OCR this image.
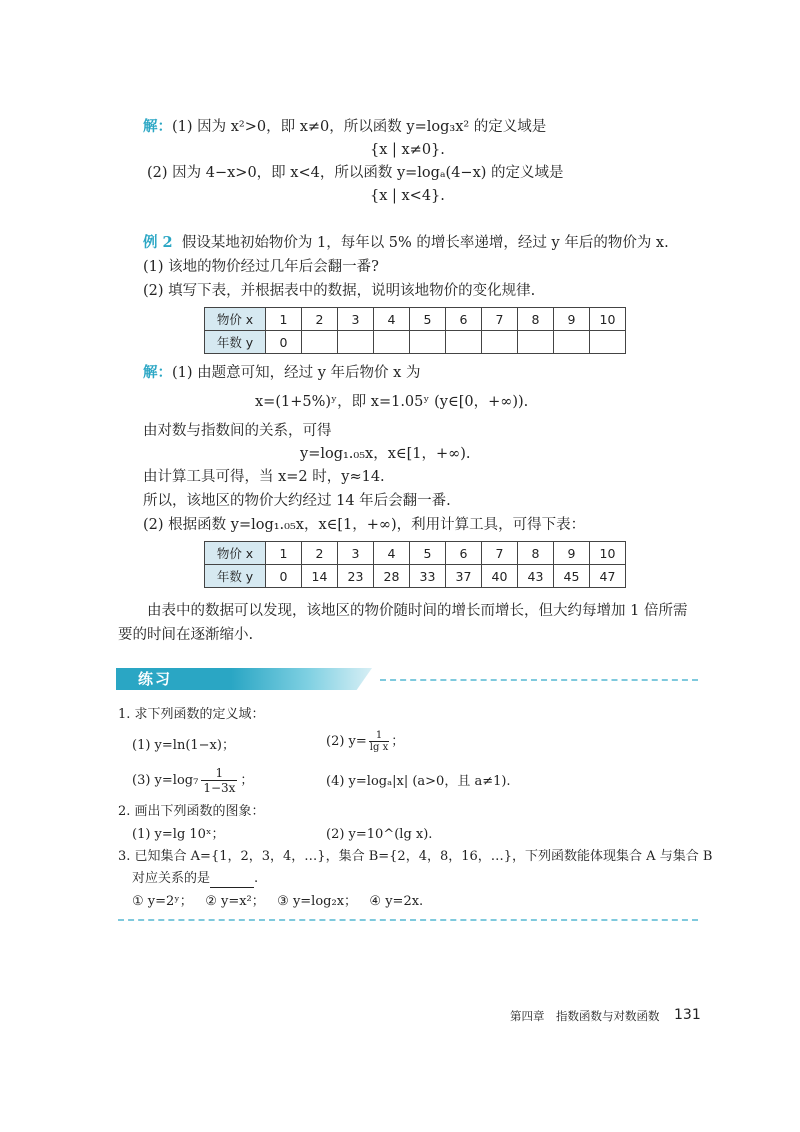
解：(1) 因为 x²>0，即 x≠0，所以函数 y=log₃x² 的定义域是
{x | x≠0}.
(2) 因为 4−x>0，即 x<4，所以函数 y=logₐ(4−x) 的定义域是
{x | x<4}.
例 2 假设某地初始物价为 1，每年以 5% 的增长率递增，经过 y 年后的物价为 x.
(1) 该地的物价经过几年后会翻一番?
(2) 填写下表，并根据表中的数据，说明该地物价的变化规律.
物价 x	1	2	3	4	5	6	7	8	9	10
年数 y	0									
解：(1) 由题意可知，经过 y 年后物价 x 为
x=(1+5%)ʸ，即 x=1.05ʸ (y∈[0，+∞)).
由对数与指数间的关系，可得
y=log₁.₀₅x，x∈[1，+∞).
由计算工具可得，当 x=2 时，y≈14.
所以，该地区的物价大约经过 14 年后会翻一番.
(2) 根据函数 y=log₁.₀₅x，x∈[1，+∞)，利用计算工具，可得下表：
物价 x	1	2	3	4	5	6	7	8	9	10
年数 y	0	14	23	28	33	37	40	43	45	47
由表中的数据可以发现，该地区的物价随时间的增长而增长，但大约每增加 1 倍所需
要的时间在逐渐缩小.
练习
1. 求下列函数的定义域：
(1) y=ln(1−x)；	(2) $y= \frac{1}{\text{lg x}}$ ；
(3) $y=\log_7 \frac{1}{1-3x}$ ；	(4) y=logₐ|x| (a>0，且 a≠1).
2. 画出下列函数的图象：
(1) y=lg 10ˣ；	(2) y=10^(lg x).
3. 已知集合 A={1，2，3，4，…}，集合 B={2，4，8，16，…}，下列函数能体现集合 A 与集合 B
对应关系的是	.
① y=2ʸ；   ② y=x²；   ③ y=log₂x；   ④ y=2x.
第四章　指数函数与对数函数 131
